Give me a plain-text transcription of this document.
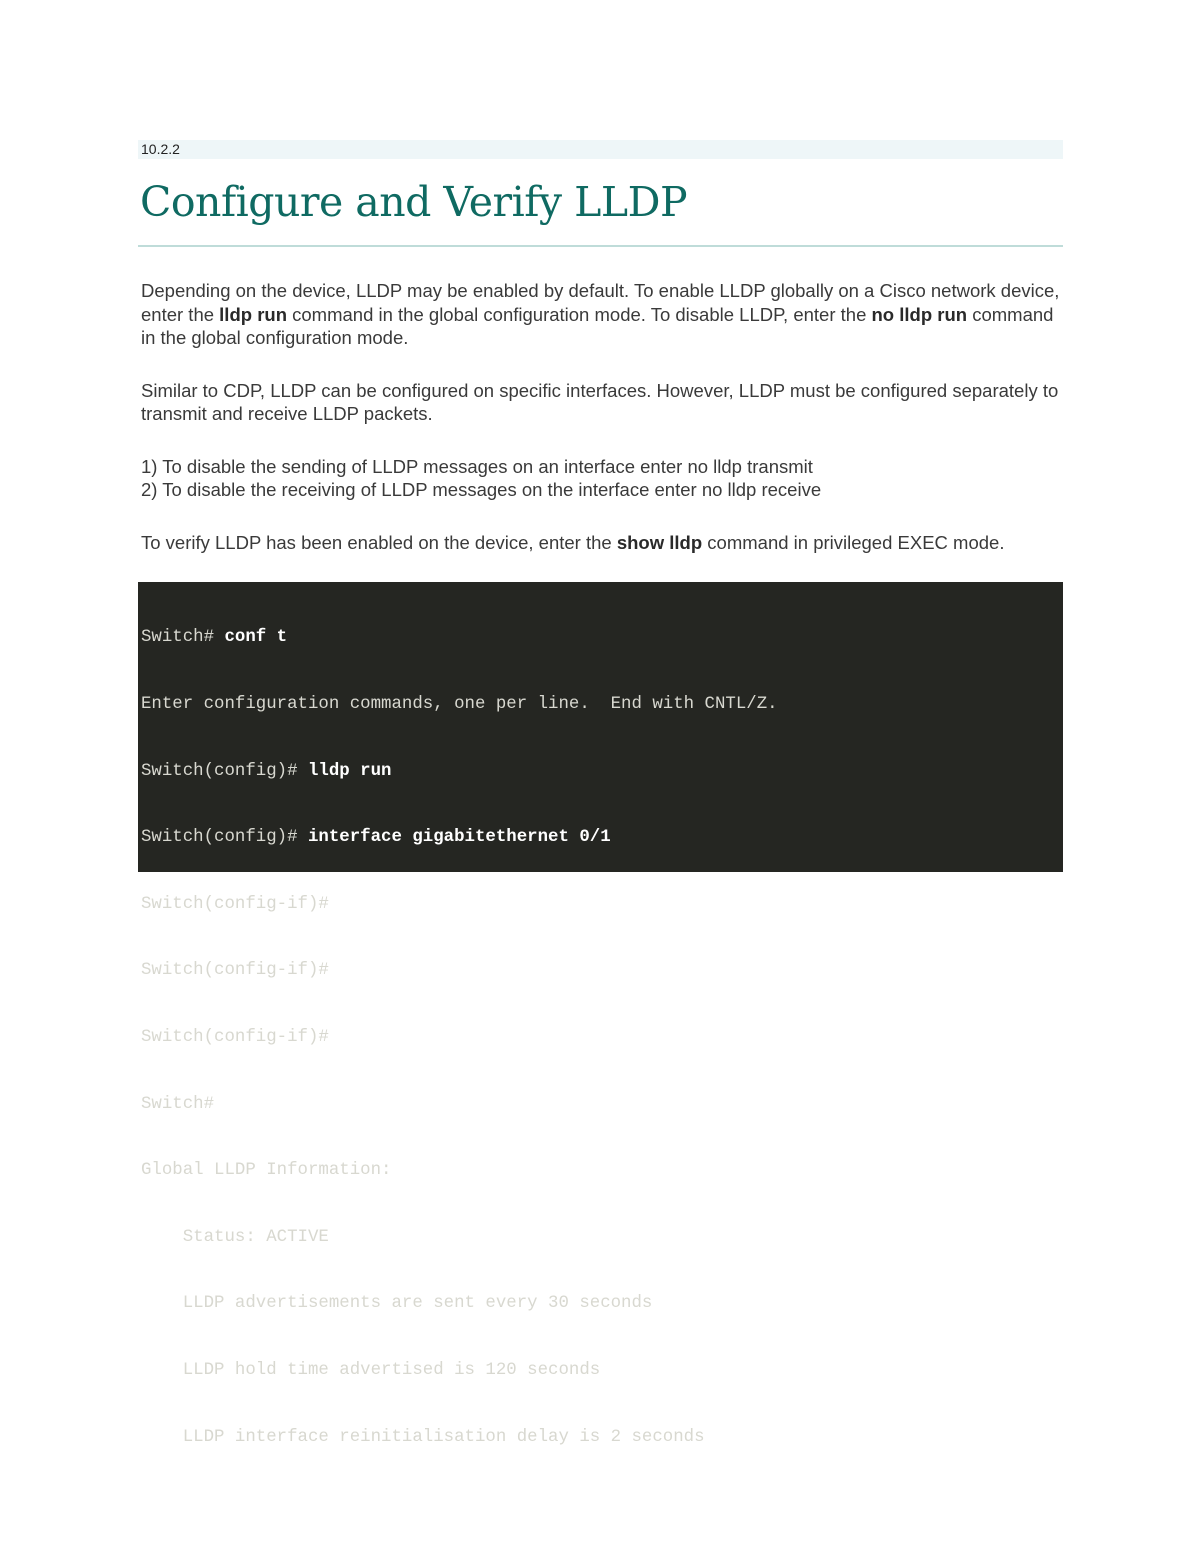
10.2.2
Configure and Verify LLDP

Depending on the device, LLDP may be enabled by default. To enable LLDP globally on a Cisco network device, enter the lldp run command in the global configuration mode. To disable LLDP, enter the no lldp run command in the global configuration mode.

Similar to CDP, LLDP can be configured on specific interfaces. However, LLDP must be configured separately to transmit and receive LLDP packets.

1) To disable the sending of LLDP messages on an interface enter no lldp transmit
2) To disable the receiving of LLDP messages on the interface enter no lldp receive

To verify LLDP has been enabled on the device, enter the show lldp command in privileged EXEC mode.

Switch# conf t

Enter configuration commands, one per line.  End with CNTL/Z.

Switch(config)# lldp run

Switch(config)# interface gigabitethernet 0/1

Switch(config-if)# lldp transmit

Switch(config-if)# lldp receive

Switch(config-if)# end

Switch# show lldp

Global LLDP Information:

Status: ACTIVE

LLDP advertisements are sent every 30 seconds

LLDP hold time advertised is 120 seconds

LLDP interface reinitialisation delay is 2 seconds
